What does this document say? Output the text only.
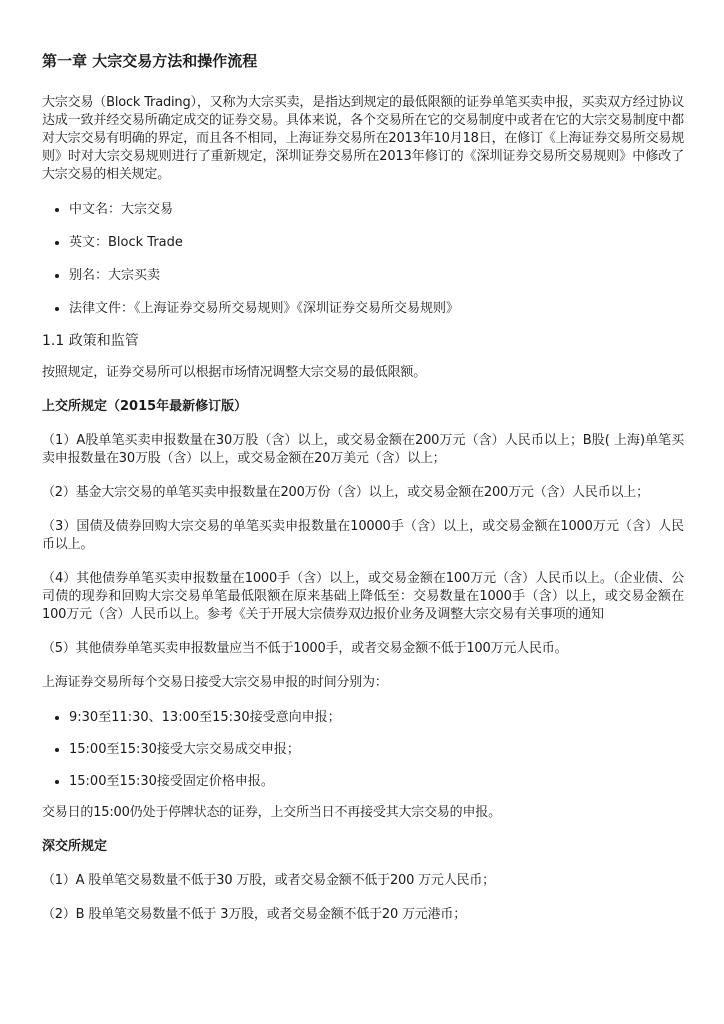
第一章 大宗交易方法和操作流程

大宗交易（Block Trading），又称为大宗买卖，是指达到规定的最低限额的证券单笔买卖申报，买卖双方经过协议达成一致并经交易所确定成交的证券交易。具体来说，各个交易所在它的交易制度中或者在它的大宗交易制度中都对大宗交易有明确的界定，而且各不相同，上海证券交易所在2013年10月18日，在修订《上海证券交易所交易规则》时对大宗交易规则进行了重新规定，深圳证券交易所在2013年修订的《深圳证券交易所交易规则》中修改了大宗交易的相关规定。

• 中文名：大宗交易
• 英文：Block Trade
• 别名：大宗买卖
• 法律文件：《上海证券交易所交易规则》《深圳证券交易所交易规则》
1.1 政策和监管

按照规定，证券交易所可以根据市场情况调整大宗交易的最低限额。

上交所规定（2015年最新修订版）

（1）A股单笔买卖申报数量在30万股（含）以上，或交易金额在200万元（含）人民币以上；B股( 上海)单笔买卖申报数量在30万股（含）以上，或交易金额在20万美元（含）以上；

（2）基金大宗交易的单笔买卖申报数量在200万份（含）以上，或交易金额在200万元（含）人民币以上；

（3）国债及债券回购大宗交易的单笔买卖申报数量在10000手（含）以上，或交易金额在1000万元（含）人民币以上。

（4）其他债券单笔买卖申报数量在1000手（含）以上，或交易金额在100万元（含）人民币以上。（企业债、公司债的现券和回购大宗交易单笔最低限额在原来基础上降低至：交易数量在1000手（含）以上，或交易金额在100万元（含）人民币以上。参考《关于开展大宗债券双边报价业务及调整大宗交易有关事项的通知

（5）其他债券单笔买卖申报数量应当不低于1000手，或者交易金额不低于100万元人民币。

上海证券交易所每个交易日接受大宗交易申报的时间分别为：

• 9:30至11:30、13:00至15:30接受意向申报；
• 15:00至15:30接受大宗交易成交申报；
• 15:00至15:30接受固定价格申报。

交易日的15:00仍处于停牌状态的证券，上交所当日不再接受其大宗交易的申报。

深交所规定

（1）A 股单笔交易数量不低于30 万股，或者交易金额不低于200 万元人民币；

（2）B 股单笔交易数量不低于 3万股，或者交易金额不低于20 万元港币；
